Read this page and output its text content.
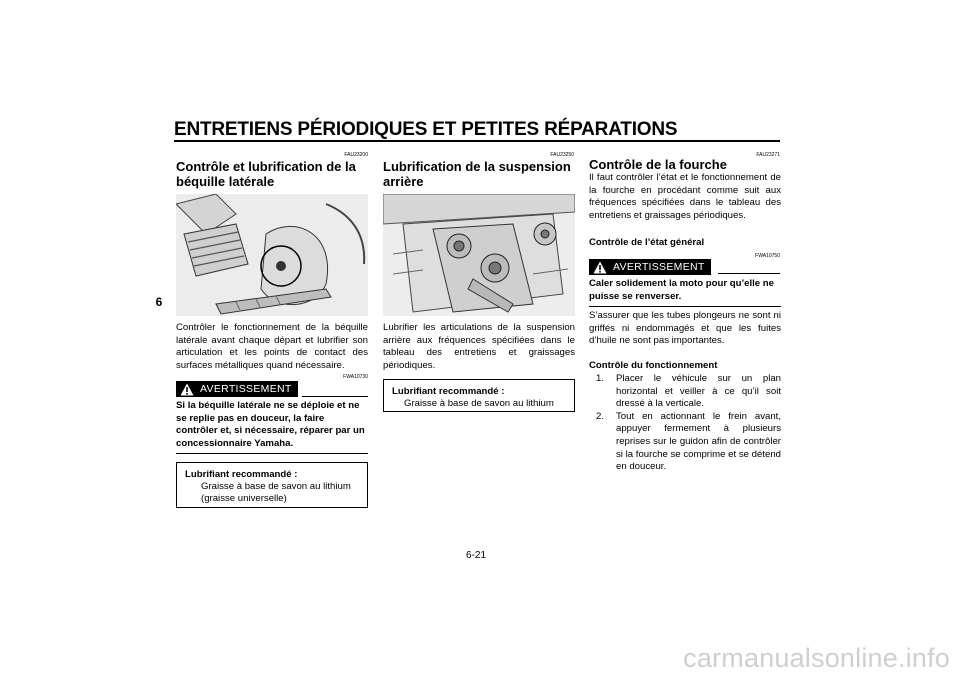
ENTRETIENS PÉRIODIQUES ET PETITES RÉPARATIONS
6
FAU23200
Contrôle et lubrification de la béquille latérale
Contrôler le fonctionnement de la béquille latérale avant chaque départ et lubrifier son articulation et les points de contact des surfaces métalliques quand nécessaire.
AVERTISSEMENT
FWA10730
Si la béquille latérale ne se déploie et ne se replie pas en douceur, la faire contrôler et, si nécessaire, réparer par un concessionnaire Yamaha.
Lubrifiant recommandé :
Graisse à base de savon au lithium
(graisse universelle)
FAU23250
Lubrification de la suspension arrière
Lubrifier les articulations de la suspension arrière aux fréquences spécifiées dans le tableau des entretiens et graissages périodiques.
Lubrifiant recommandé :
Graisse à base de savon au lithium
FAU23271
Contrôle de la fourche
Il faut contrôler l’état et le fonctionnement de la fourche en procédant comme suit aux fréquences spécifiées dans le tableau des entretiens et graissages périodiques.
Contrôle de l’état général
FWA10750
AVERTISSEMENT
Caler solidement la moto pour qu’elle ne puisse se renverser.
S’assurer que les tubes plongeurs ne sont ni griffés ni endommagés et que les fuites d’huile ne sont pas importantes.
Contrôle du fonctionnement
1.	Placer le véhicule sur un plan horizontal et veiller à ce qu’il soit dressé à la verticale.
2.	Tout en actionnant le frein avant, appuyer fermement à plusieurs reprises sur le guidon afin de contrôler si la fourche se comprime et se détend en douceur.
6-21
carmanualsonline.info
